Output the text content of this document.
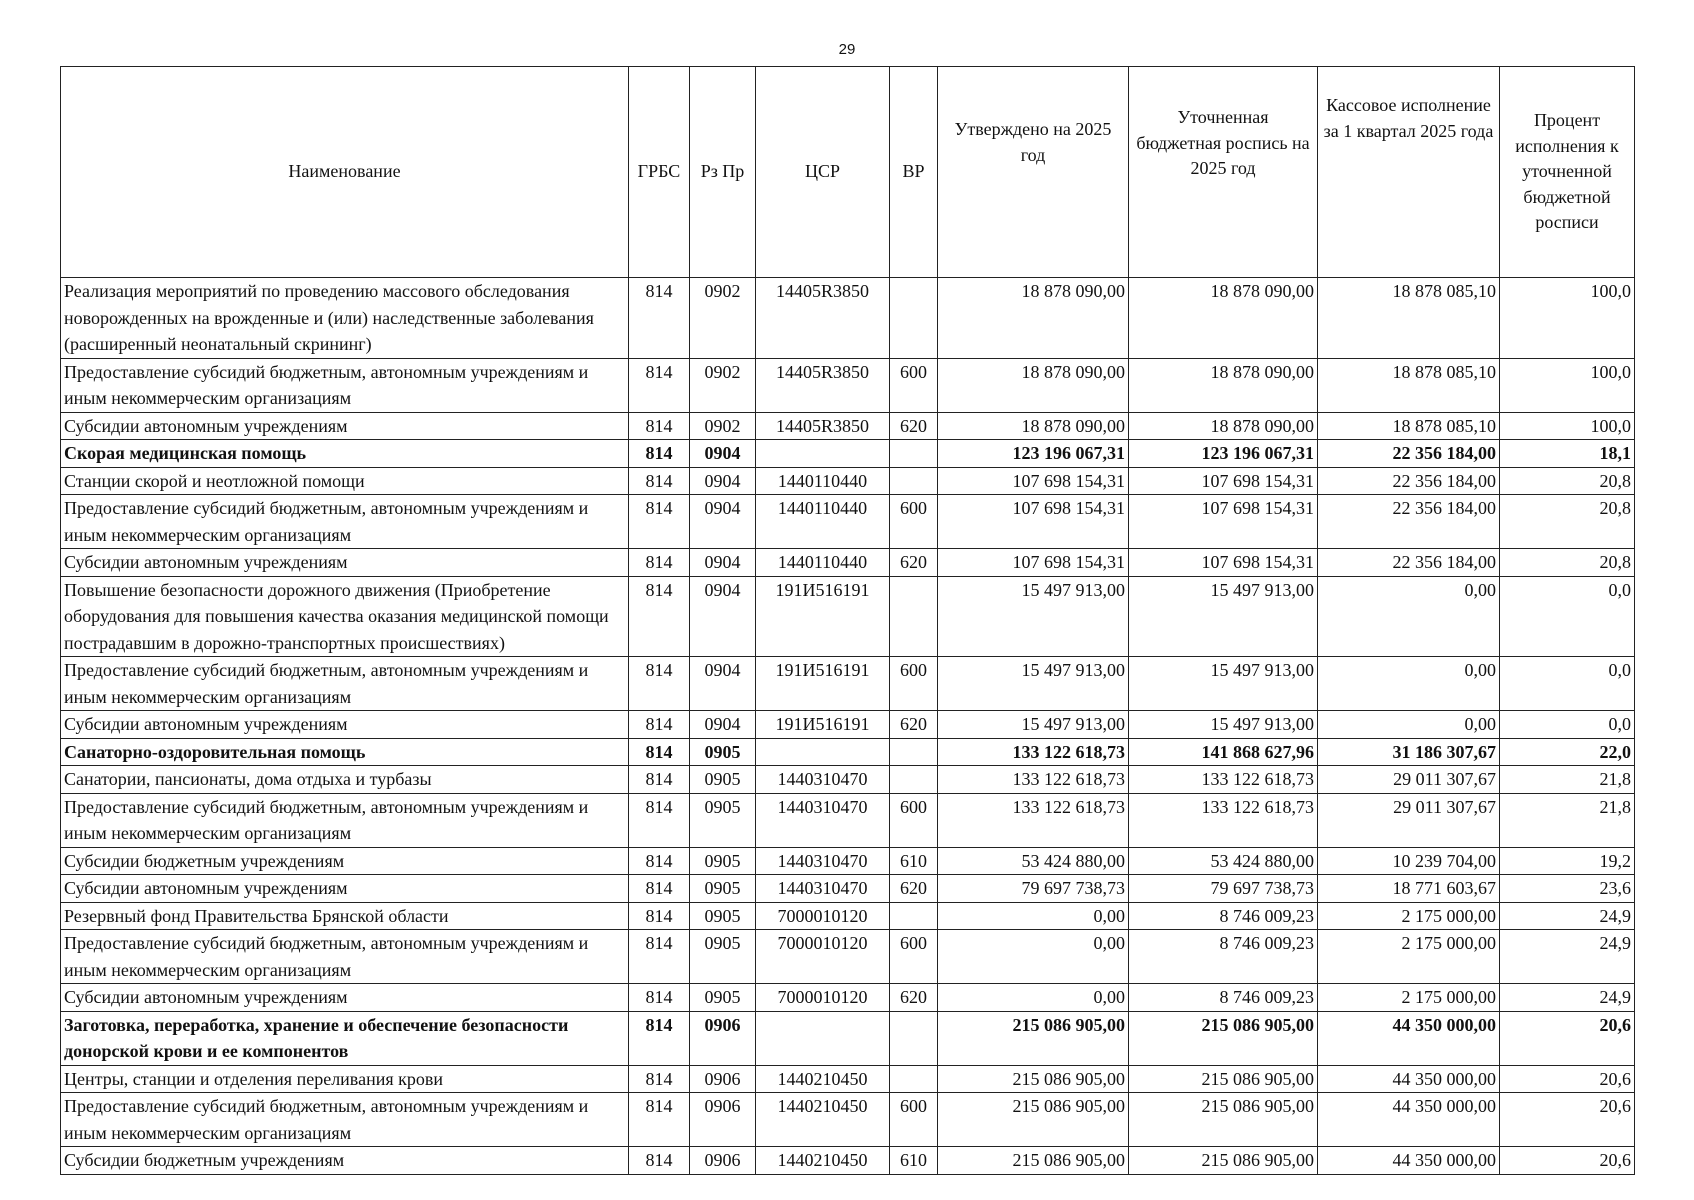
29
Наименование	ГРБС	Рз Пр	ЦСР	ВР	Утверждено на 2025 год	Уточненная бюджетная роспись на 2025 год	Кассовое исполнение за 1 квартал 2025 года	Процент исполнения к уточненной бюджетной росписи
Реализация мероприятий по проведению массового обследования новорожденных на врожденные и (или) наследственные заболевания (расширенный неонатальный скрининг)	814	0902	14405R3850		18 878 090,00	18 878 090,00	18 878 085,10	100,0
Предоставление субсидий бюджетным, автономным учреждениям и иным некоммерческим организациям	814	0902	14405R3850	600	18 878 090,00	18 878 090,00	18 878 085,10	100,0
Субсидии автономным учреждениям	814	0902	14405R3850	620	18 878 090,00	18 878 090,00	18 878 085,10	100,0
Скорая медицинская помощь	814	0904			123 196 067,31	123 196 067,31	22 356 184,00	18,1
Станции скорой и неотложной помощи	814	0904	1440110440		107 698 154,31	107 698 154,31	22 356 184,00	20,8
Предоставление субсидий бюджетным, автономным учреждениям и иным некоммерческим организациям	814	0904	1440110440	600	107 698 154,31	107 698 154,31	22 356 184,00	20,8
Субсидии автономным учреждениям	814	0904	1440110440	620	107 698 154,31	107 698 154,31	22 356 184,00	20,8
Повышение безопасности дорожного движения (Приобретение оборудования для повышения качества оказания медицинской помощи пострадавшим в дорожно-транспортных происшествиях)	814	0904	191И516191		15 497 913,00	15 497 913,00	0,00	0,0
Предоставление субсидий бюджетным, автономным учреждениям и иным некоммерческим организациям	814	0904	191И516191	600	15 497 913,00	15 497 913,00	0,00	0,0
Субсидии автономным учреждениям	814	0904	191И516191	620	15 497 913,00	15 497 913,00	0,00	0,0
Санаторно-оздоровительная помощь	814	0905			133 122 618,73	141 868 627,96	31 186 307,67	22,0
Санатории, пансионаты, дома отдыха и турбазы	814	0905	1440310470		133 122 618,73	133 122 618,73	29 011 307,67	21,8
Предоставление субсидий бюджетным, автономным учреждениям и иным некоммерческим организациям	814	0905	1440310470	600	133 122 618,73	133 122 618,73	29 011 307,67	21,8
Субсидии бюджетным учреждениям	814	0905	1440310470	610	53 424 880,00	53 424 880,00	10 239 704,00	19,2
Субсидии автономным учреждениям	814	0905	1440310470	620	79 697 738,73	79 697 738,73	18 771 603,67	23,6
Резервный фонд Правительства Брянской области	814	0905	7000010120		0,00	8 746 009,23	2 175 000,00	24,9
Предоставление субсидий бюджетным, автономным учреждениям и иным некоммерческим организациям	814	0905	7000010120	600	0,00	8 746 009,23	2 175 000,00	24,9
Субсидии автономным учреждениям	814	0905	7000010120	620	0,00	8 746 009,23	2 175 000,00	24,9
Заготовка, переработка, хранение и обеспечение безопасности донорской крови и ее компонентов	814	0906			215 086 905,00	215 086 905,00	44 350 000,00	20,6
Центры, станции и отделения переливания крови	814	0906	1440210450		215 086 905,00	215 086 905,00	44 350 000,00	20,6
Предоставление субсидий бюджетным, автономным учреждениям и иным некоммерческим организациям	814	0906	1440210450	600	215 086 905,00	215 086 905,00	44 350 000,00	20,6
Субсидии бюджетным учреждениям	814	0906	1440210450	610	215 086 905,00	215 086 905,00	44 350 000,00	20,6
